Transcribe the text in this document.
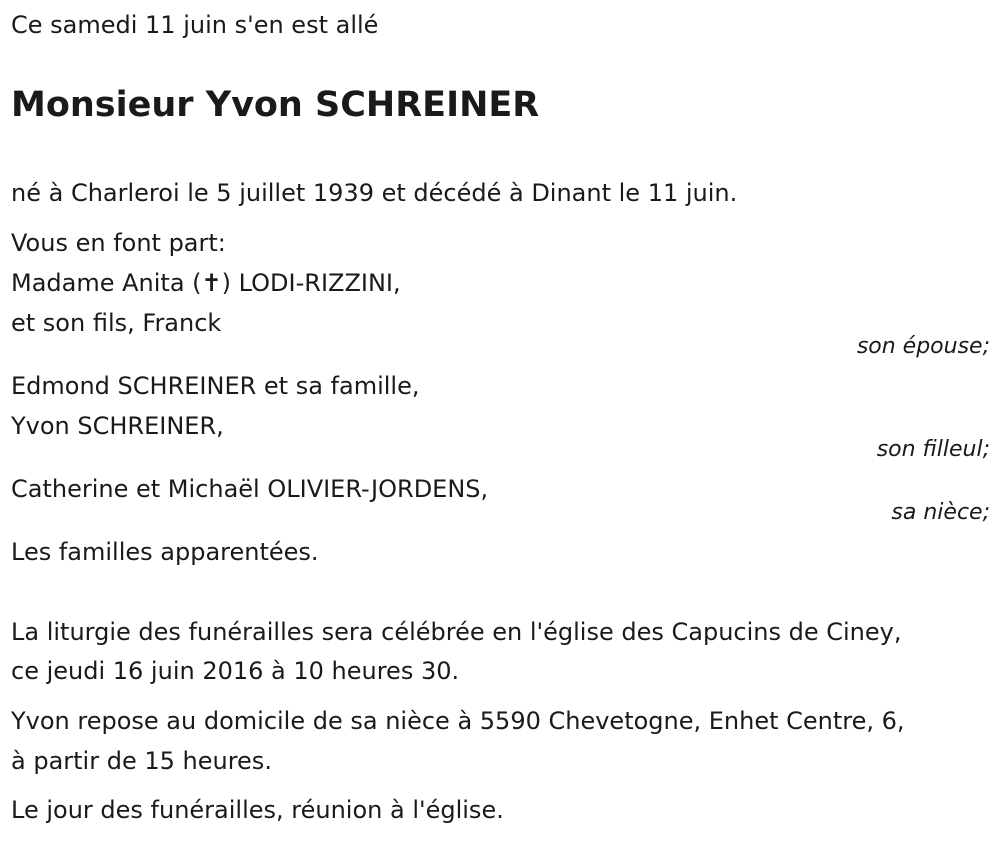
Ce samedi 11 juin s'en est allé
Monsieur Yvon SCHREINER
né à Charleroi le 5 juillet 1939 et décédé à Dinant le 11 juin.
Vous en font part:
Madame Anita (✝) LODI-RIZZINI,
et son fils, Franck
son épouse;
Edmond SCHREINER et sa famille,
Yvon SCHREINER,
son filleul;
Catherine et Michaël OLIVIER-JORDENS,
sa nièce;
Les familles apparentées.
La liturgie des funérailles sera célébrée en l'église des Capucins de Ciney,
ce jeudi 16 juin 2016 à 10 heures 30.
Yvon repose au domicile de sa nièce à 5590 Chevetogne, Enhet Centre, 6,
à partir de 15 heures.
Le jour des funérailles, réunion à l'église.
